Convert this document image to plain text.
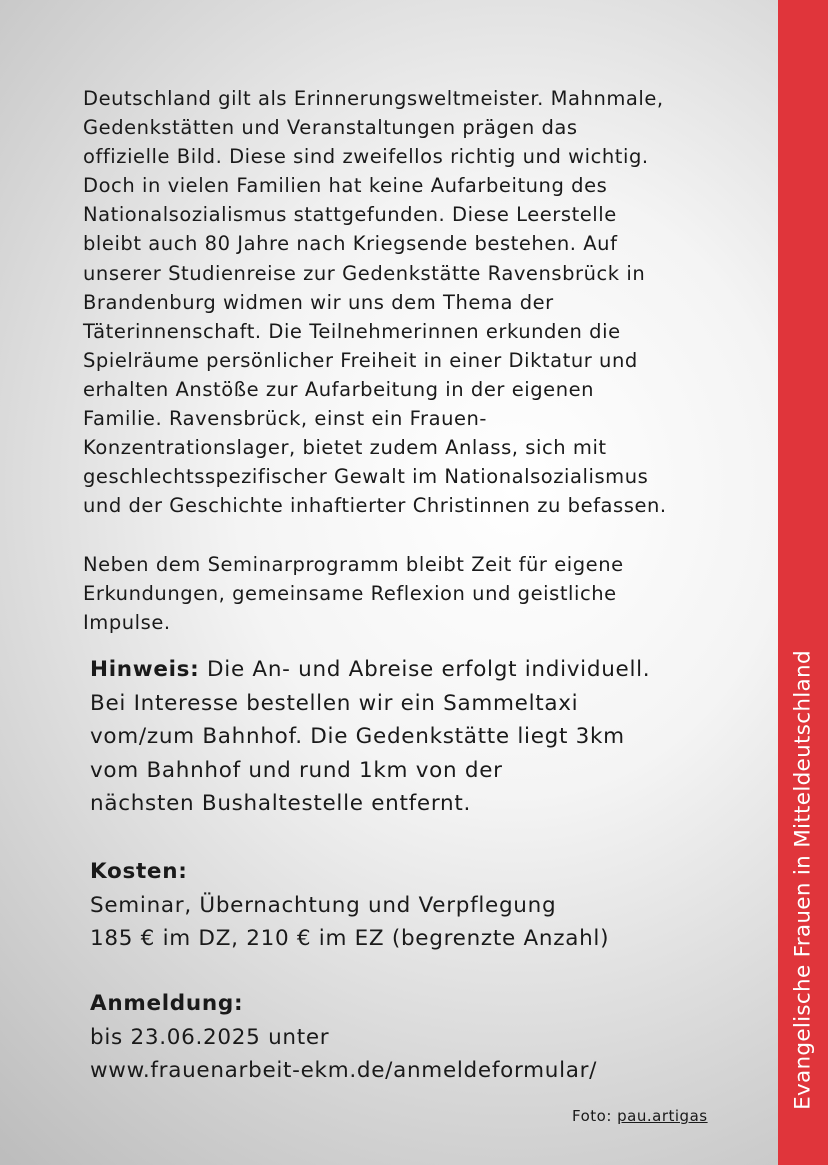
Deutschland gilt als Erinnerungsweltmeister. Mahnmale,
Gedenkstätten und Veranstaltungen prägen das
offizielle Bild. Diese sind zweifellos richtig und wichtig.
Doch in vielen Familien hat keine Aufarbeitung des
Nationalsozialismus stattgefunden. Diese Leerstelle
bleibt auch 80 Jahre nach Kriegsende bestehen. Auf
unserer Studienreise zur Gedenkstätte Ravensbrück in
Brandenburg widmen wir uns dem Thema der
Täterinnenschaft. Die Teilnehmerinnen erkunden die
Spielräume persönlicher Freiheit in einer Diktatur und
erhalten Anstöße zur Aufarbeitung in der eigenen
Familie. Ravensbrück, einst ein Frauen-
Konzentrationslager, bietet zudem Anlass, sich mit
geschlechtsspezifischer Gewalt im Nationalsozialismus
und der Geschichte inhaftierter Christinnen zu befassen.

Neben dem Seminarprogramm bleibt Zeit für eigene
Erkundungen, gemeinsame Reflexion und geistliche
Impulse.

Hinweis: Die An- und Abreise erfolgt individuell.
Bei Interesse bestellen wir ein Sammeltaxi
vom/zum Bahnhof. Die Gedenkstätte liegt 3km
vom Bahnhof und rund 1km von der
nächsten Bushaltestelle entfernt.
Kosten:
Seminar, Übernachtung und Verpflegung
185 € im DZ, 210 € im EZ (begrenzte Anzahl)
Anmeldung:
bis 23.06.2025 unter
www.frauenarbeit-ekm.de/anmeldeformular/
Foto: pau.artigas
Evangelische Frauen in Mitteldeutschland
